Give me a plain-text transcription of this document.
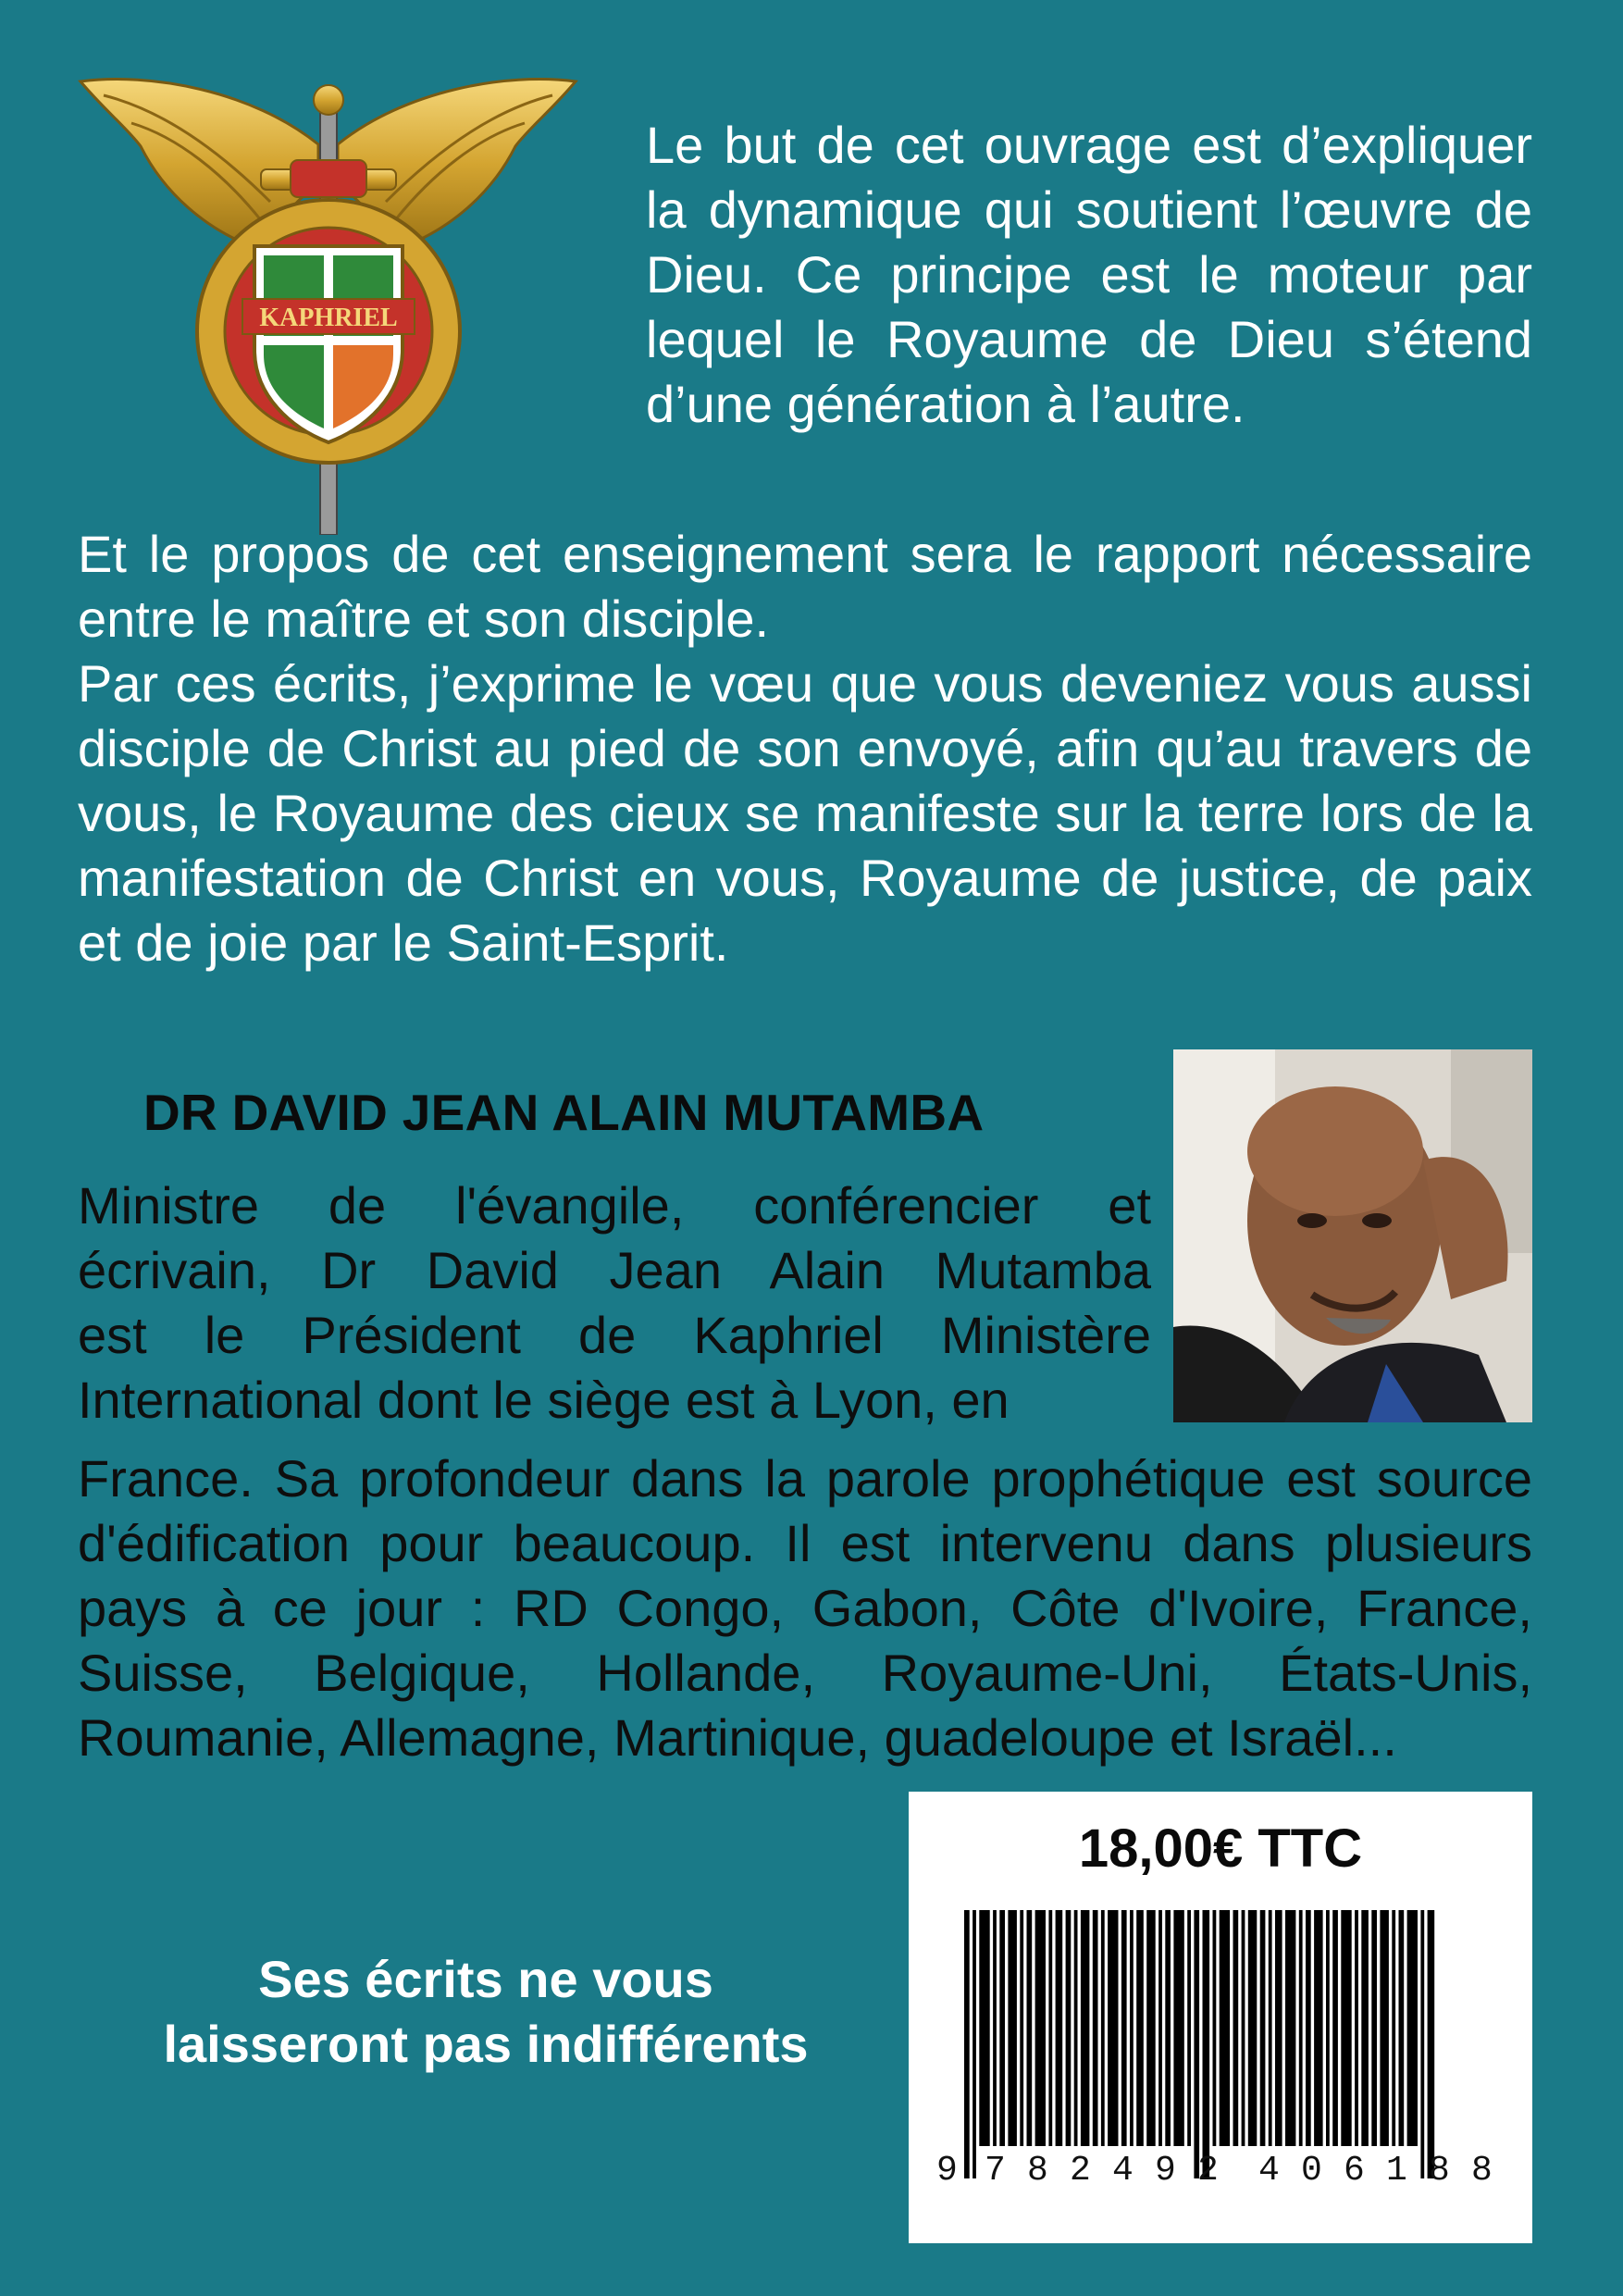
KAPHRIEL
Le but de cet ouvrage est d’expliquer la dynamique qui soutient l’œuvre de Dieu. Ce principe est le moteur par lequel le Royaume de Dieu s’étend d’une génération à l’autre.
Et le propos de cet enseignement sera le rapport nécessaire entre le maître et son disciple.
Par ces écrits, j’exprime le vœu que vous deveniez vous aussi disciple de Christ au pied de son envoyé, afin qu’au travers de vous, le Royaume des cieux se manifeste sur la terre lors de la manifestation de Christ en vous, Royaume de justice, de paix et de joie par le Saint-Esprit.
DR DAVID JEAN ALAIN MUTAMBA
Ministre de l'évangile, conférencier et
écrivain, Dr David Jean Alain Mutamba
est le Président de Kaphriel Ministère
International dont le siège est à Lyon, en
France. Sa profondeur dans la parole prophétique est source d'édification pour beaucoup. Il est intervenu dans plusieurs pays à ce jour : RD Congo, Gabon, Côte d'Ivoire, France, Suisse, Belgique, Hollande, Royaume-Uni, États-Unis, Roumanie, Allemagne, Martinique, guadeloupe et Israël...
Ses écrits ne vous
laisseront pas indifférents
18,00€ TTC
9 7 8 2 4 9 2 4 0 6 1 8 8
